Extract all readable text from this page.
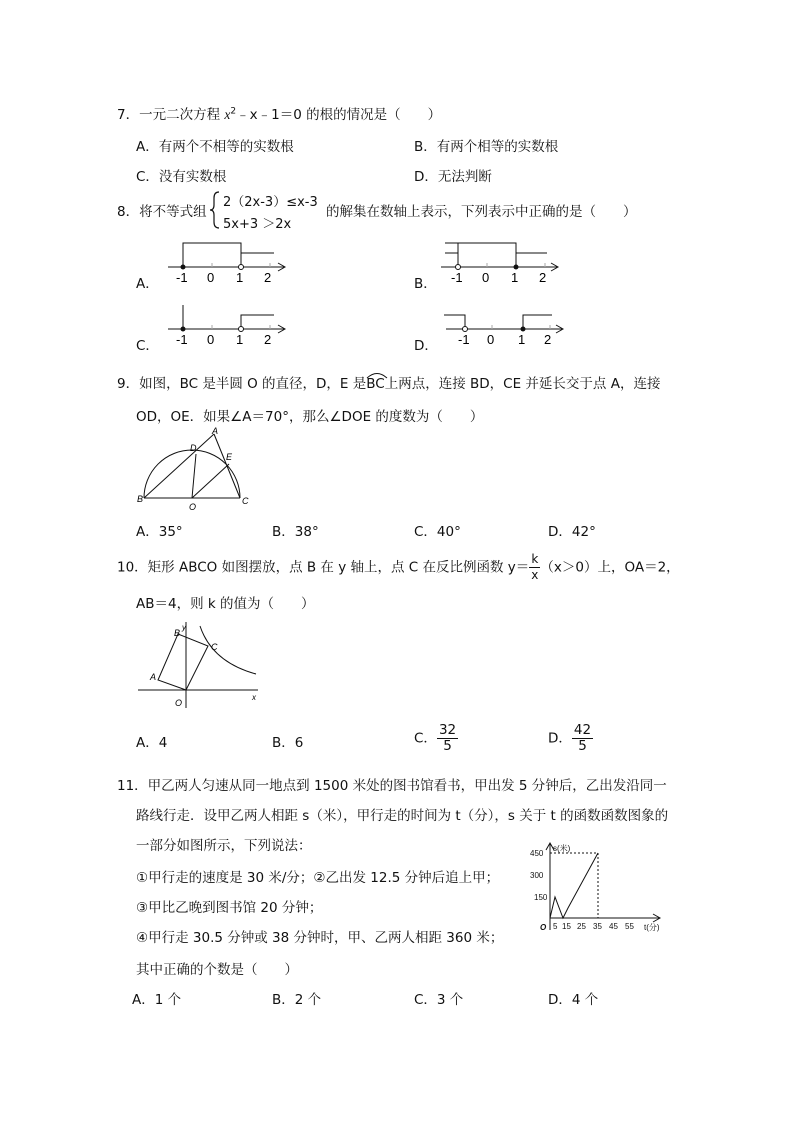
7．一元二次方程 $x^2﹣x﹣1=0$ 的根的情况是（　　）
A．有两个不相等的实数根	B．有两个相等的实数根
C．没有实数根	D．无法判断
8．将不等式组
2（2x-3）≤x-3
5x+3 ＞2x
的解集在数轴上表示，下列表示中正确的是（　　）
A．	B．
C．	D．
-1 0 1 2	-1 0 1 2
-1 0 1 2	-1 0 1 2
9．如图，BC 是半圆 O 的直径，D，E 是BC
上两点，连接 BD，CE 并延长交于点 A，连接
OD，OE．如果∠A＝70°，那么∠DOE 的度数为（　　）
A
B	C
D
E
O
A．35°	B．38°	C．40°	D．42°
10．矩形 ABCO 如图摆放，点 B 在 y 轴上，点 C 在反比例函数 $y= \frac{k}{x} (x>0)$上，OA＝2，
AB＝4，则 k 的值为（　　）
y
x
O
A
B
C
A．4	B．6	C． $\frac{32}{5}$	D． $\frac{42}{5}$
11．甲乙两人匀速从同一地点到 1500 米处的图书馆看书，甲出发 5 分钟后，乙出发沿同一
路线行走．设甲乙两人相距 s（米），甲行走的时间为 t（分），s 关于 t 的函数函数图象的
一部分如图所示，下列说法：
①甲行走的速度是 30 米/分；②乙出发 12.5 分钟后追上甲；
③甲比乙晚到图书馆 20 分钟；
④甲行走 30.5 分钟或 38 分钟时，甲、乙两人相距 360 米；
其中正确的个数是（　　）
s(米)
t(分)
O
450
300
150
5 15 25 35 45 55
A．1 个	B．2 个	C．3 个	D．4 个
